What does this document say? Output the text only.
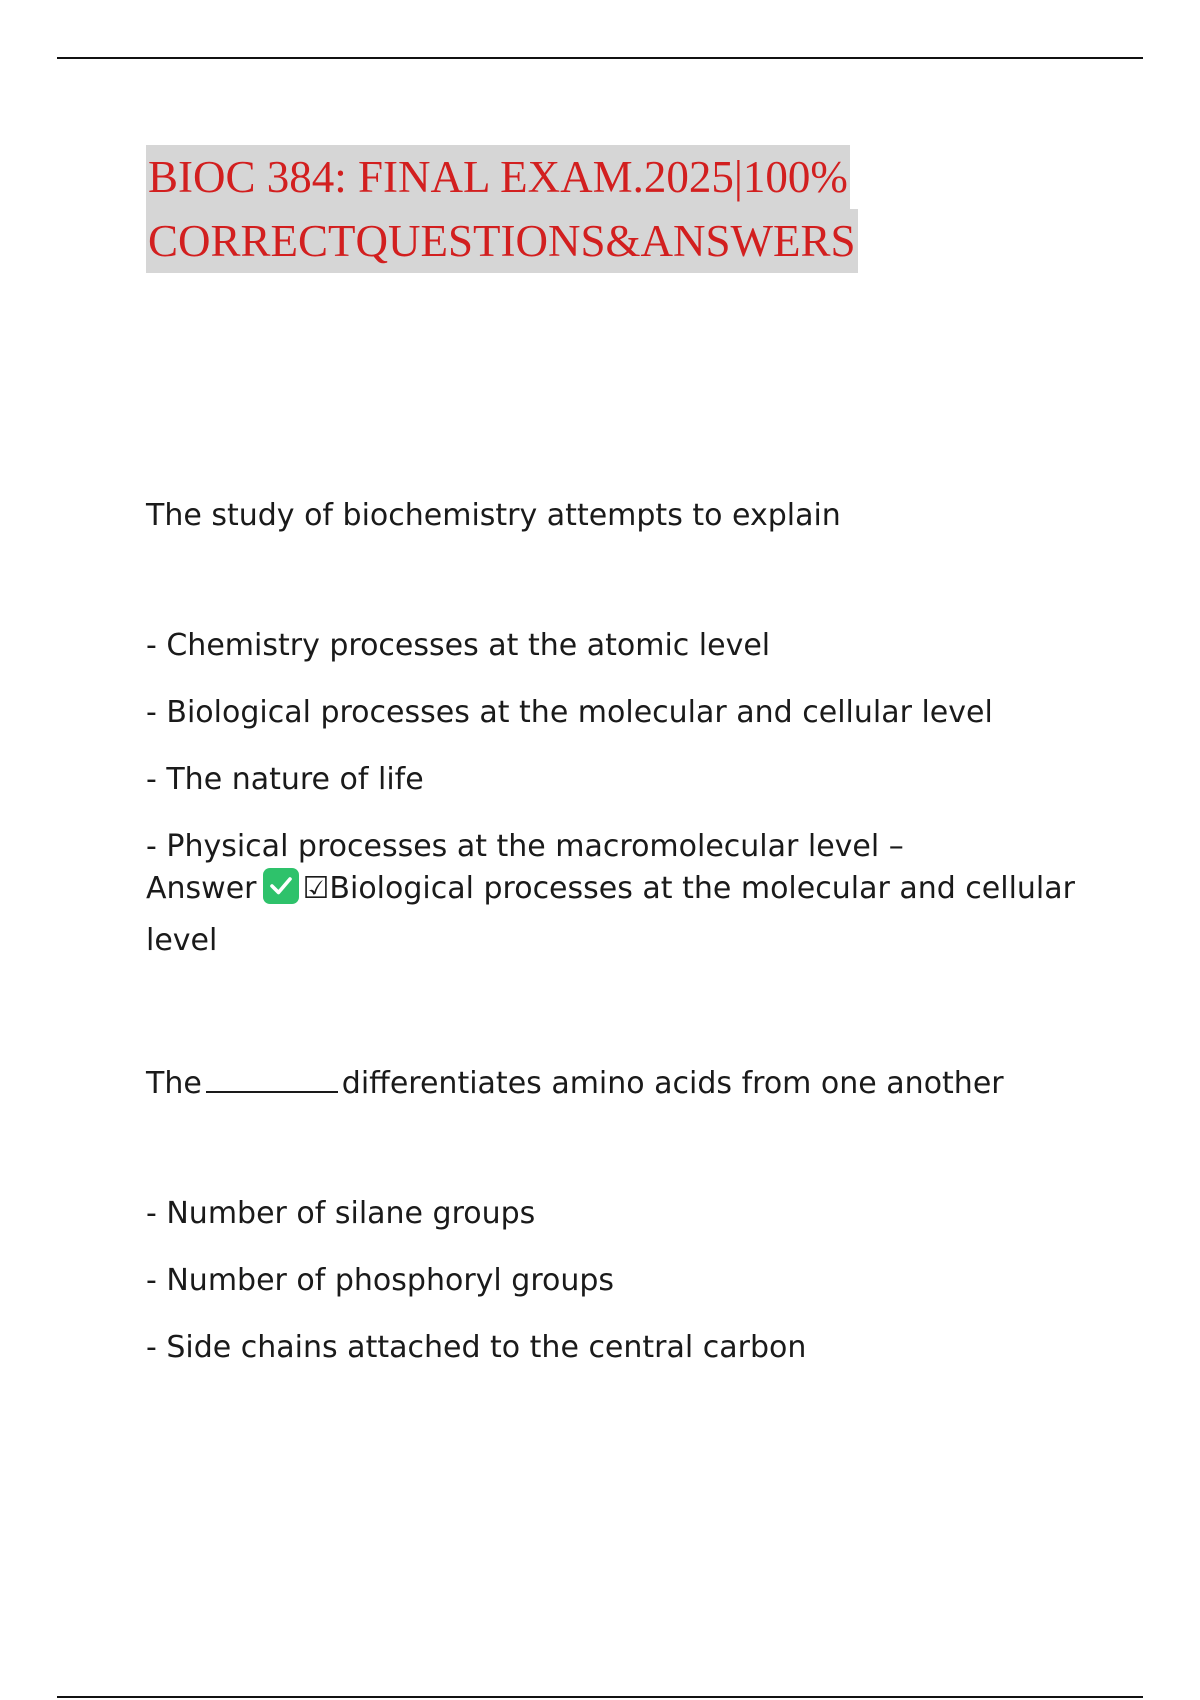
BIOC 384: FINAL EXAM.2025|100%
CORRECTQUESTIONS&ANSWERS

The study of biochemistry attempts to explain

- Chemistry processes at the atomic level
- Biological processes at the molecular and cellular level
- The nature of life
- Physical processes at the macromolecular level –
Answer ☑Biological processes at the molecular and cellular level

The	differentiates amino acids from one another

- Number of silane groups
- Number of phosphoryl groups
- Side chains attached to the central carbon
